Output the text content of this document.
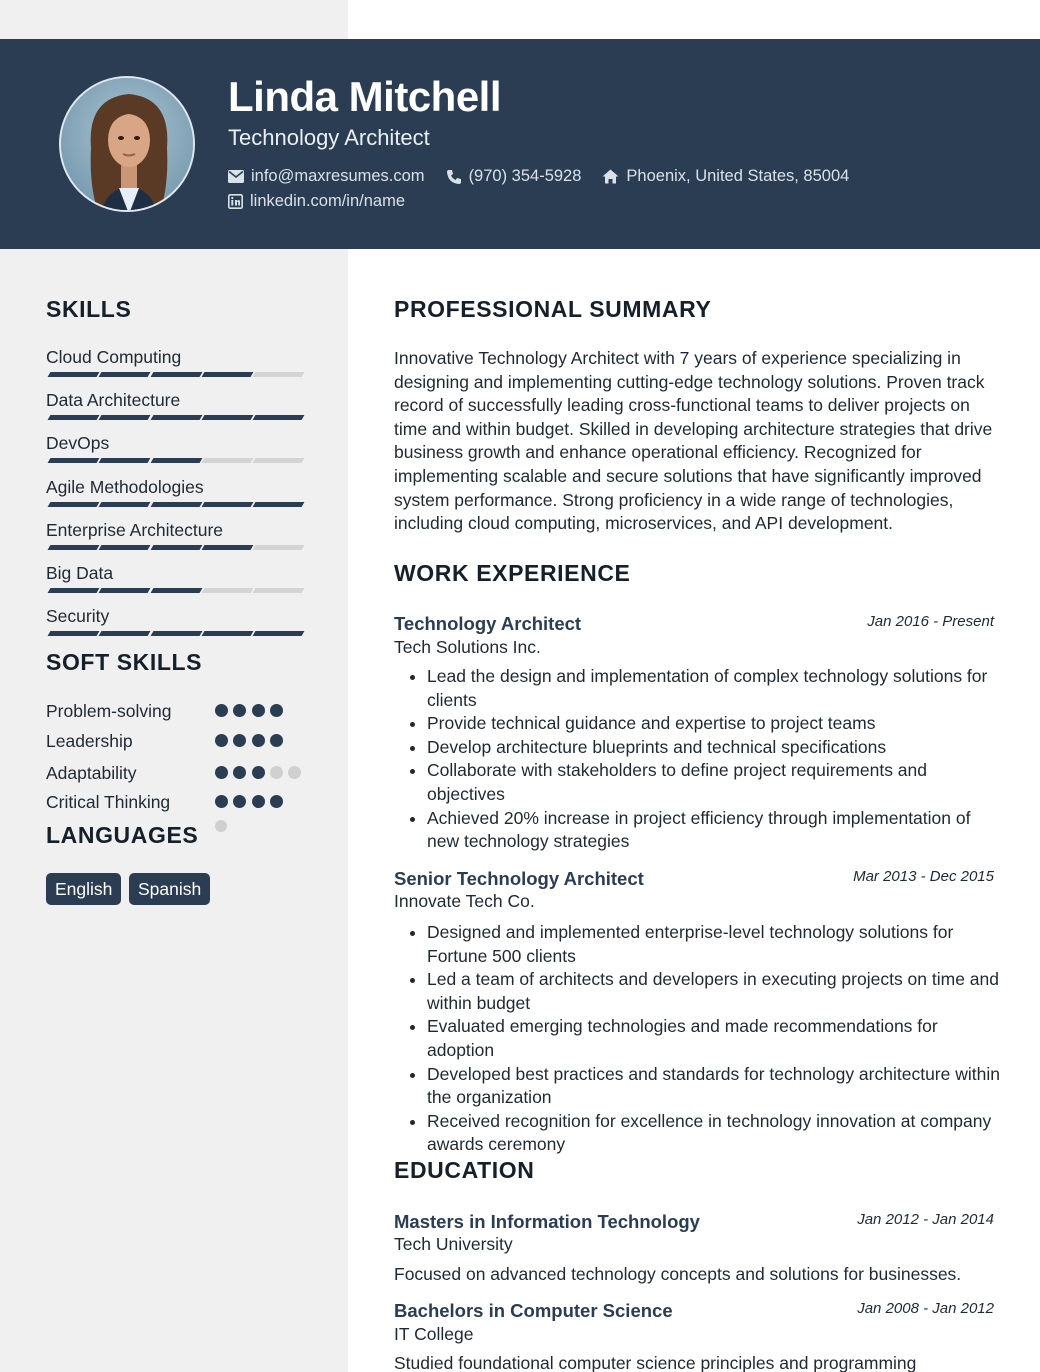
Linda Mitchell
Technology Architect
info@maxresumes.com	(970) 354-5928	Phoenix, United States, 85004
linkedin.com/in/name
SKILLS
Cloud Computing
Data Architecture
DevOps
Agile Methodologies
Enterprise Architecture
Big Data
Security
SOFT SKILLS
Problem-solving
Leadership
Adaptability
Critical Thinking
LANGUAGES
English	Spanish
PROFESSIONAL SUMMARY
Innovative Technology Architect with 7 years of experience specializing in designing and implementing cutting-edge technology solutions. Proven track record of successfully leading cross-functional teams to deliver projects on time and within budget. Skilled in developing architecture strategies that drive business growth and enhance operational efficiency. Recognized for implementing scalable and secure solutions that have significantly improved system performance. Strong proficiency in a wide range of technologies, including cloud computing, microservices, and API development.
WORK EXPERIENCE
Technology Architect	Jan 2016 - Present
Tech Solutions Inc.
Lead the design and implementation of complex technology solutions for clients
Provide technical guidance and expertise to project teams
Develop architecture blueprints and technical specifications
Collaborate with stakeholders to define project requirements and objectives
Achieved 20% increase in project efficiency through implementation of new technology strategies
Senior Technology Architect	Mar 2013 - Dec 2015
Innovate Tech Co.
Designed and implemented enterprise-level technology solutions for Fortune 500 clients
Led a team of architects and developers in executing projects on time and within budget
Evaluated emerging technologies and made recommendations for adoption
Developed best practices and standards for technology architecture within the organization
Received recognition for excellence in technology innovation at company awards ceremony
EDUCATION
Masters in Information Technology	Jan 2012 - Jan 2014
Tech University
Focused on advanced technology concepts and solutions for businesses.
Bachelors in Computer Science	Jan 2008 - Jan 2012
IT College
Studied foundational computer science principles and programming
